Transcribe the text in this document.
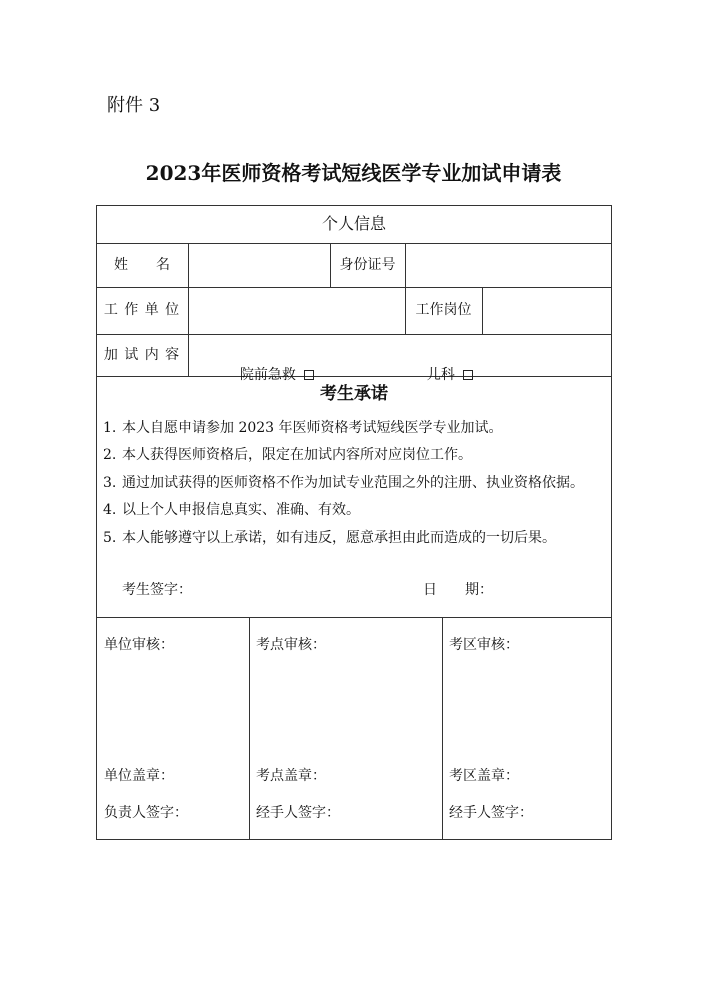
附件 3
2023年医师资格考试短线医学专业加试申请表
个人信息
姓　　名	身份证号
工 作 单 位	工作岗位
加 试 内 容

院前急救	儿科

考生承诺
1. 本人自愿申请参加 2023 年医师资格考试短线医学专业加试。
2. 本人获得医师资格后，限定在加试内容所对应岗位工作。
3. 通过加试获得的医师资格不作为加试专业范围之外的注册、执业资格依据。
4. 以上个人申报信息真实、准确、有效。
5. 本人能够遵守以上承诺，如有违反，愿意承担由此而造成的一切后果。
考生签字：	日　　期：
单位审核：
单位盖章：
负责人签字：
考点审核：
考点盖章：
经手人签字：
考区审核：
考区盖章：
经手人签字：
